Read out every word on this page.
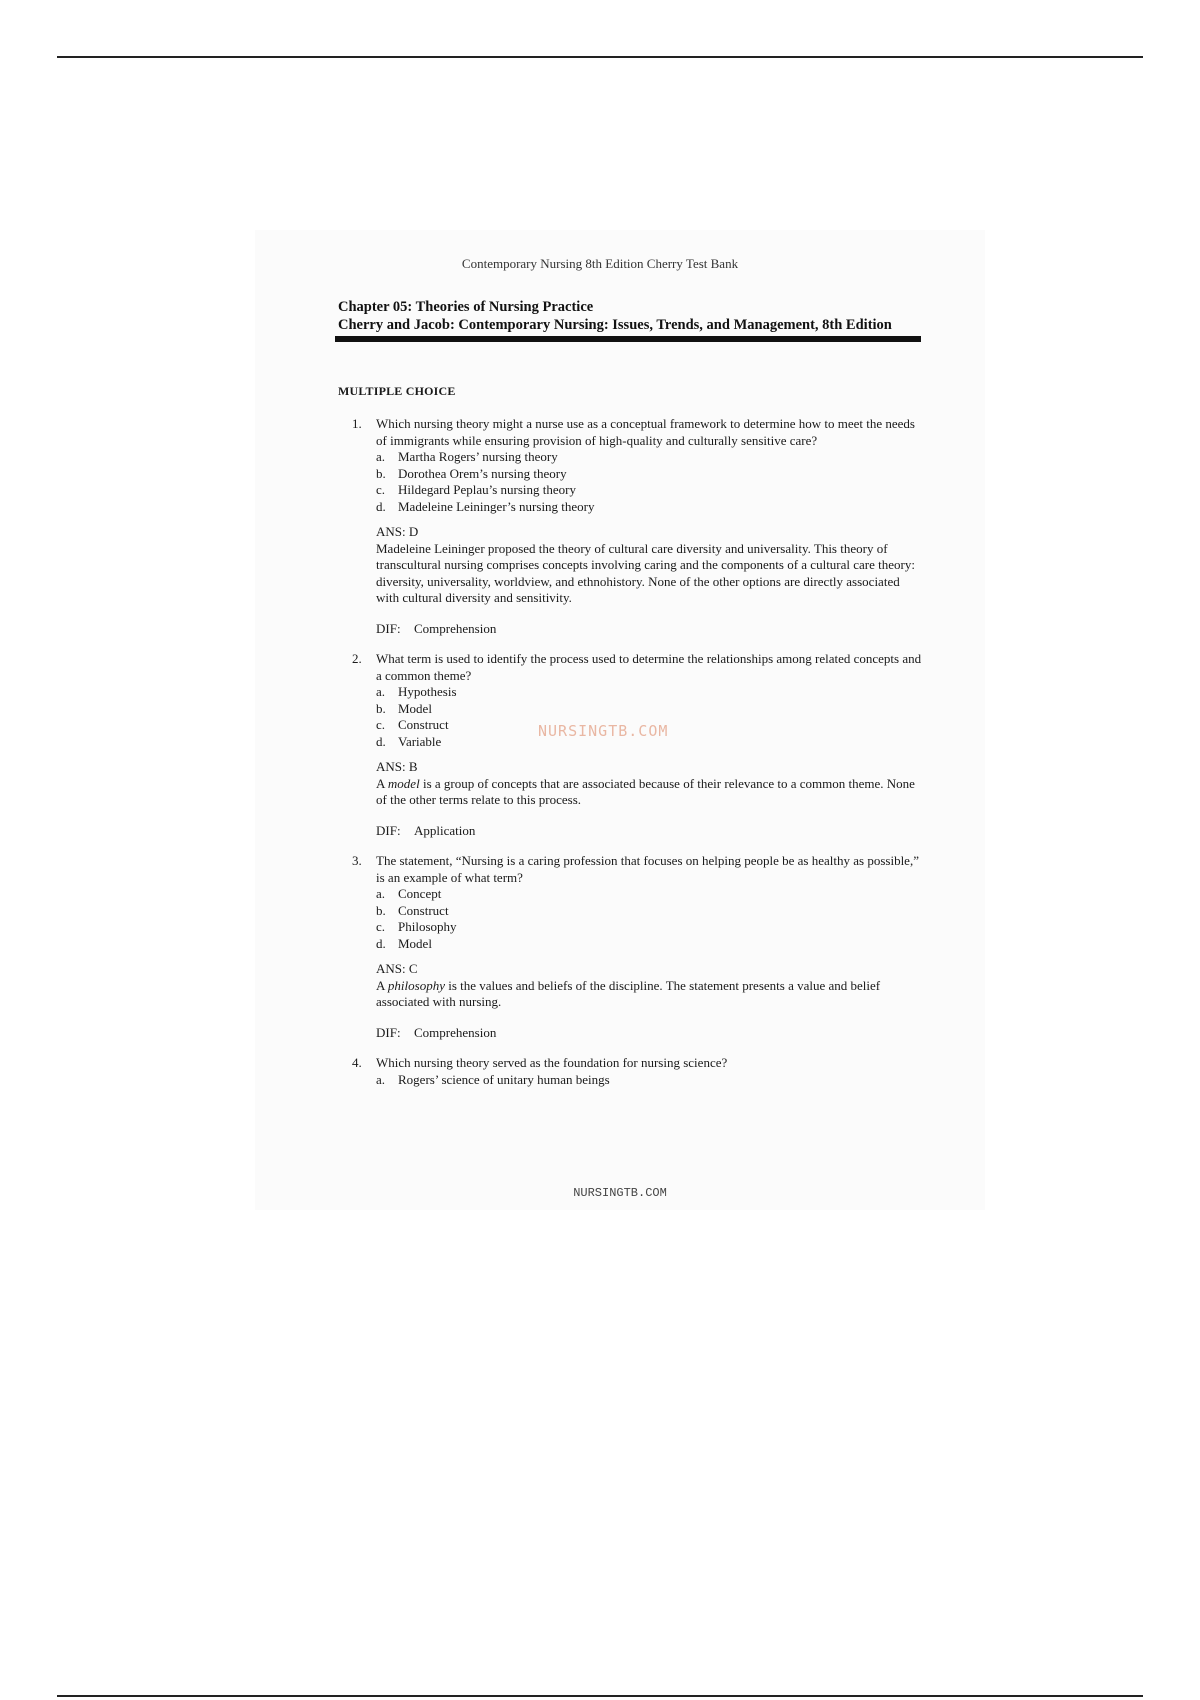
Contemporary Nursing 8th Edition Cherry Test Bank
Chapter 05: Theories of Nursing Practice
Cherry and Jacob: Contemporary Nursing: Issues, Trends, and Management, 8th Edition
MULTIPLE CHOICE
1. Which nursing theory might a nurse use as a conceptual framework to determine how to meet the needs of immigrants while ensuring provision of high-quality and culturally sensitive care?
a. Martha Rogers’ nursing theory
b. Dorothea Orem’s nursing theory
c. Hildegard Peplau’s nursing theory
d. Madeleine Leininger’s nursing theory
ANS: D
Madeleine Leininger proposed the theory of cultural care diversity and universality. This theory of transcultural nursing comprises concepts involving caring and the components of a cultural care theory: diversity, universality, worldview, and ethnohistory. None of the other options are directly associated with cultural diversity and sensitivity.
DIF: Comprehension
2. What term is used to identify the process used to determine the relationships among related concepts and a common theme?
a. Hypothesis
b. Model
c. Construct
d. Variable
ANS: B
A model is a group of concepts that are associated because of their relevance to a common theme. None of the other terms relate to this process.
DIF: Application
3. The statement, “Nursing is a caring profession that focuses on helping people be as healthy as possible,” is an example of what term?
a. Concept
b. Construct
c. Philosophy
d. Model
ANS: C
A philosophy is the values and beliefs of the discipline. The statement presents a value and belief associated with nursing.
DIF: Comprehension
4. Which nursing theory served as the foundation for nursing science?
a. Rogers’ science of unitary human beings
NURSINGTB.COM
NURSINGTB.COM
